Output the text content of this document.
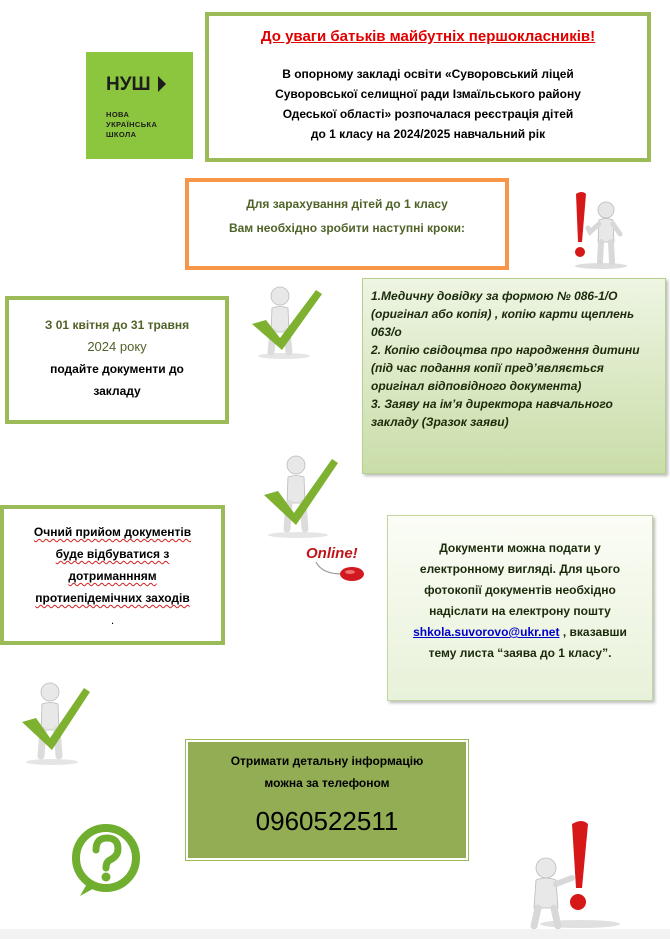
До уваги батьків майбутніх першокласників!
В опорному закладі освіти «Суворовський ліцей
Суворовської селищної ради Ізмаїльського району
Одеської області» розпочалася реєстрація дітей
до 1 класу на 2024/2025 навчальний рік
НУШ
НОВА
УКРАЇНСЬКА
ШКОЛА
Для зарахування дітей до 1 класу
Вам необхідно зробити наступні кроки:
З 01 квітня до 31 травня
2024 року
подайте документи до
закладу
1.Медичну довідку за формою № 086-1/О (оригінал або копія) , копію карти щеплень 063/о
2. Копію свідоцтва про народження дитини (під час подання копії пред’являється оригінал відповідного документа)
3. Заяву на ім’я директора навчального закладу (Зразок заяви)
Online!
Очний прийом документів
буде відбуватися з
дотриманнням
протиепідемічних заходів
.
Документи можна подати у
електронному вигляді. Для цього
фотокопії документів необхідно
надіслати на електрону пошту
shkola.suvorovo@ukr.net , вказавши
тему листа “заява до 1 класу”.
Отримати детальну інформацію
можна за телефоном
0960522511
